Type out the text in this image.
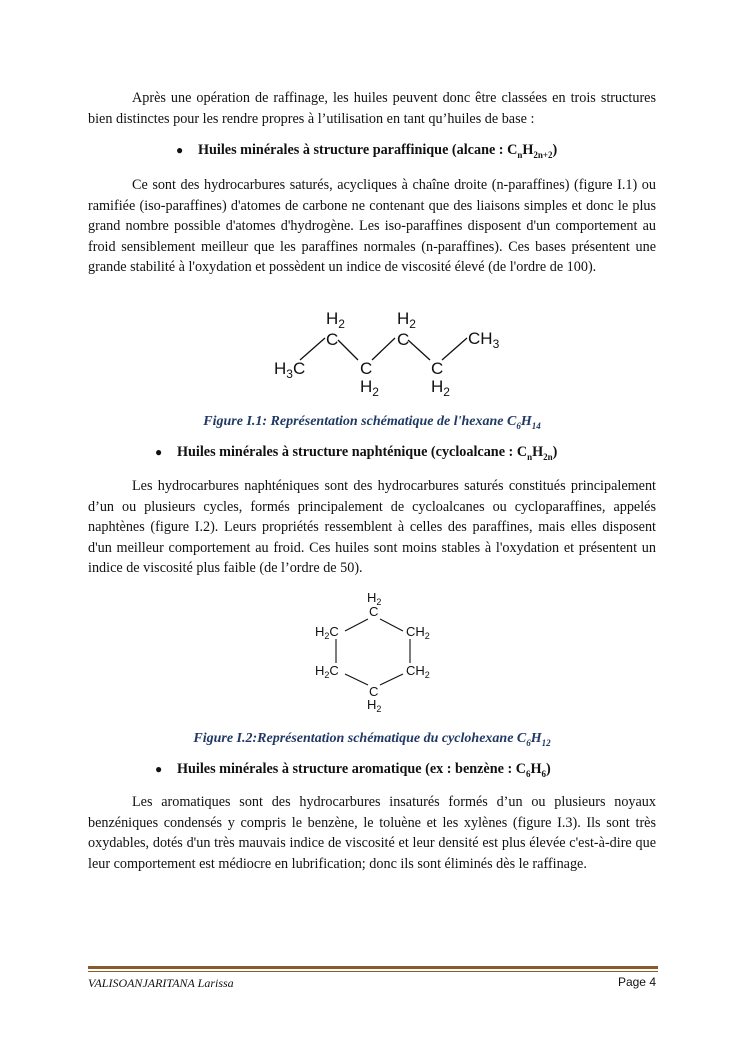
Après une opération de raffinage, les huiles peuvent donc être classées en trois structures bien distinctes pour les rendre propres à l’utilisation en tant qu’huiles de base :

● Huiles minérales à structure paraffinique (alcane : $C_nH_{2n+2}$)

Ce sont des hydrocarbures saturés, acycliques à chaîne droite (n-paraffines) (figure I.1) ou ramifiée (iso-paraffines) d'atomes de carbone ne contenant que des liaisons simples et donc le plus grand nombre possible d'atomes d'hydrogène. Les iso-paraffines disposent d'un comportement au froid sensiblement meilleur que les paraffines normales (n-paraffines). Ces bases présentent une grande stabilité à l'oxydation et possèdent un indice de viscosité élevé (de l'ordre de 100).

$H_2$
C
$H_2$
C	$CH_3$
$H_3C$	C
$H_2$
C
$H_2$

Figure I.1: Représentation schématique de l'hexane $C_6H_{14}$

● Huiles minérales à structure naphténique (cycloalcane : $C_nH_{2n}$)

Les hydrocarbures naphténiques sont des hydrocarbures saturés constitués principalement d’un ou plusieurs cycles, formés principalement de cycloalcanes ou cycloparaffines, appelés naphtènes (figure I.2). Leurs propriétés ressemblent à celles des paraffines, mais elles disposent d'un meilleur comportement au froid. Ces huiles sont moins stables à l'oxydation et présentent un indice de viscosité plus faible (de l’ordre de 50).

$H_2$
C
$H_2C$	$CH_2$
$H_2C$	$CH_2$
C
$H_2$

Figure I.2:Représentation schématique du cyclohexane $C_6H_{12}$

● Huiles minérales à structure aromatique (ex : benzène : $C_6H_6$)

Les aromatiques sont des hydrocarbures insaturés formés d’un ou plusieurs noyaux benzéniques condensés y compris le benzène, le toluène et les xylènes (figure I.3). Ils sont très oxydables, dotés d'un très mauvais indice de viscosité et leur densité est plus élevée c'est-à-dire que leur comportement est médiocre en lubrification; donc ils sont éliminés dès le raffinage.

VALISOANJARITANA Larissa	Page 4
